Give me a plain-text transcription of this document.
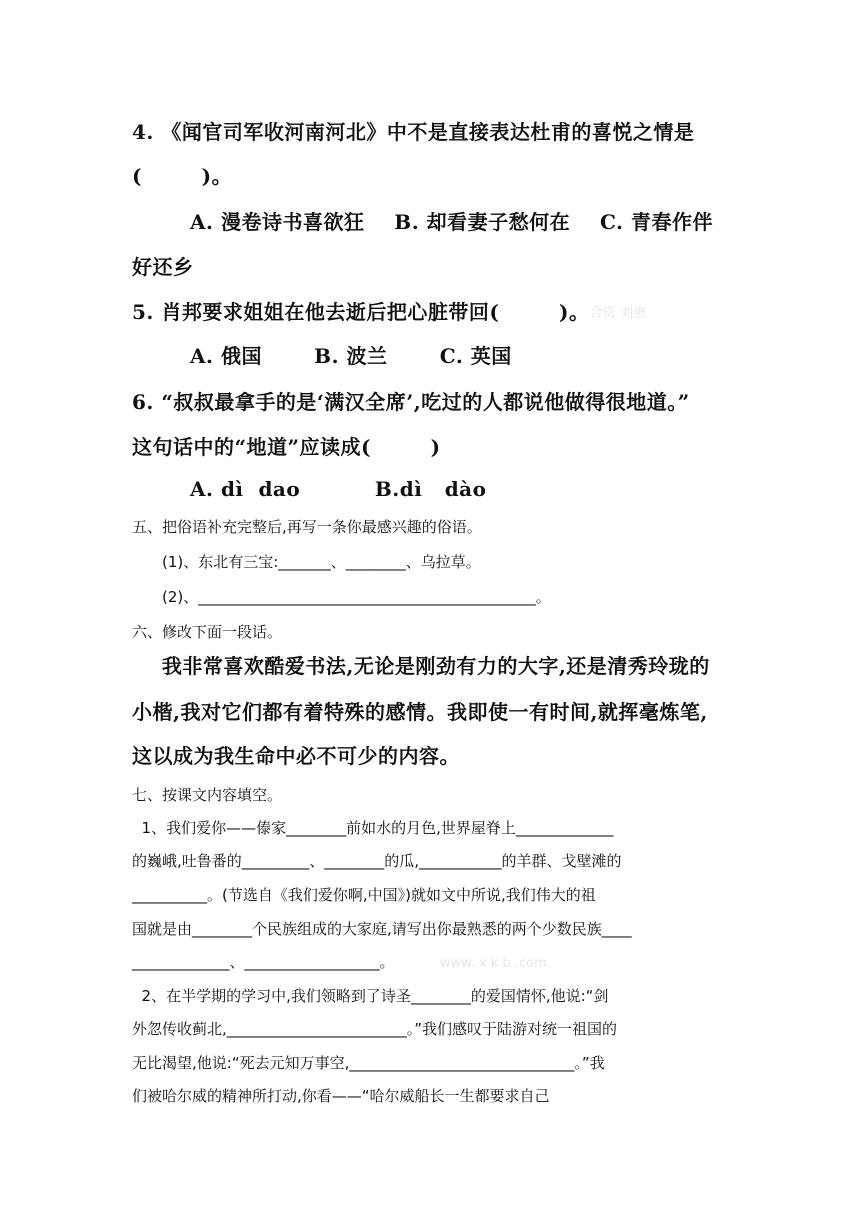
4. 《闻官司军收河南河北》中不是直接表达杜甫的喜悦之情是
(        )。
A. 漫卷诗书喜欲狂    B. 却看妻子愁何在    C. 青春作伴
好还乡
5. 肖邦要求姐姐在他去逝后把心脏带回(        )。 合资 刘惠
A. 俄国       B. 波兰       C. 英国
6. “叔叔最拿手的是‘满汉全席’,吃过的人都说他做得很地道。”
这句话中的“地道”应读成(        )
A. dì  dao          B.dì   dào
五、把俗语补充完整后,再写一条你最感兴趣的俗语。
(1)、东北有三宝:_______、________、乌拉草。
(2)、_____________________________________________。
六、修改下面一段话。
我非常喜欢酷爱书法,无论是刚劲有力的大字,还是清秀玲珑的
小楷,我对它们都有着特殊的感情。我即使一有时间,就挥毫炼笔,
这以成为我生命中必不可少的内容。
七、按课文内容填空。
1、我们爱你——傣家________前如水的月色,世界屋脊上_____________
的巍峨,吐鲁番的_________、________的瓜,___________的羊群、戈壁滩的
__________。(节选自《我们爱你啊,中国》)就如文中所说,我们伟大的祖
国就是由________个民族组成的大家庭,请写出你最熟悉的两个少数民族____
_____________、__________________。	www. x k b .com
2、在半学期的学习中,我们领略到了诗圣________的爱国情怀,他说:“剑
外忽传收蓟北,________________________。”我们感叹于陆游对统一祖国的
无比渴望,他说:“死去元知万事空,______________________________。”我
们被哈尔威的精神所打动,你看——“哈尔威船长一生都要求自己
